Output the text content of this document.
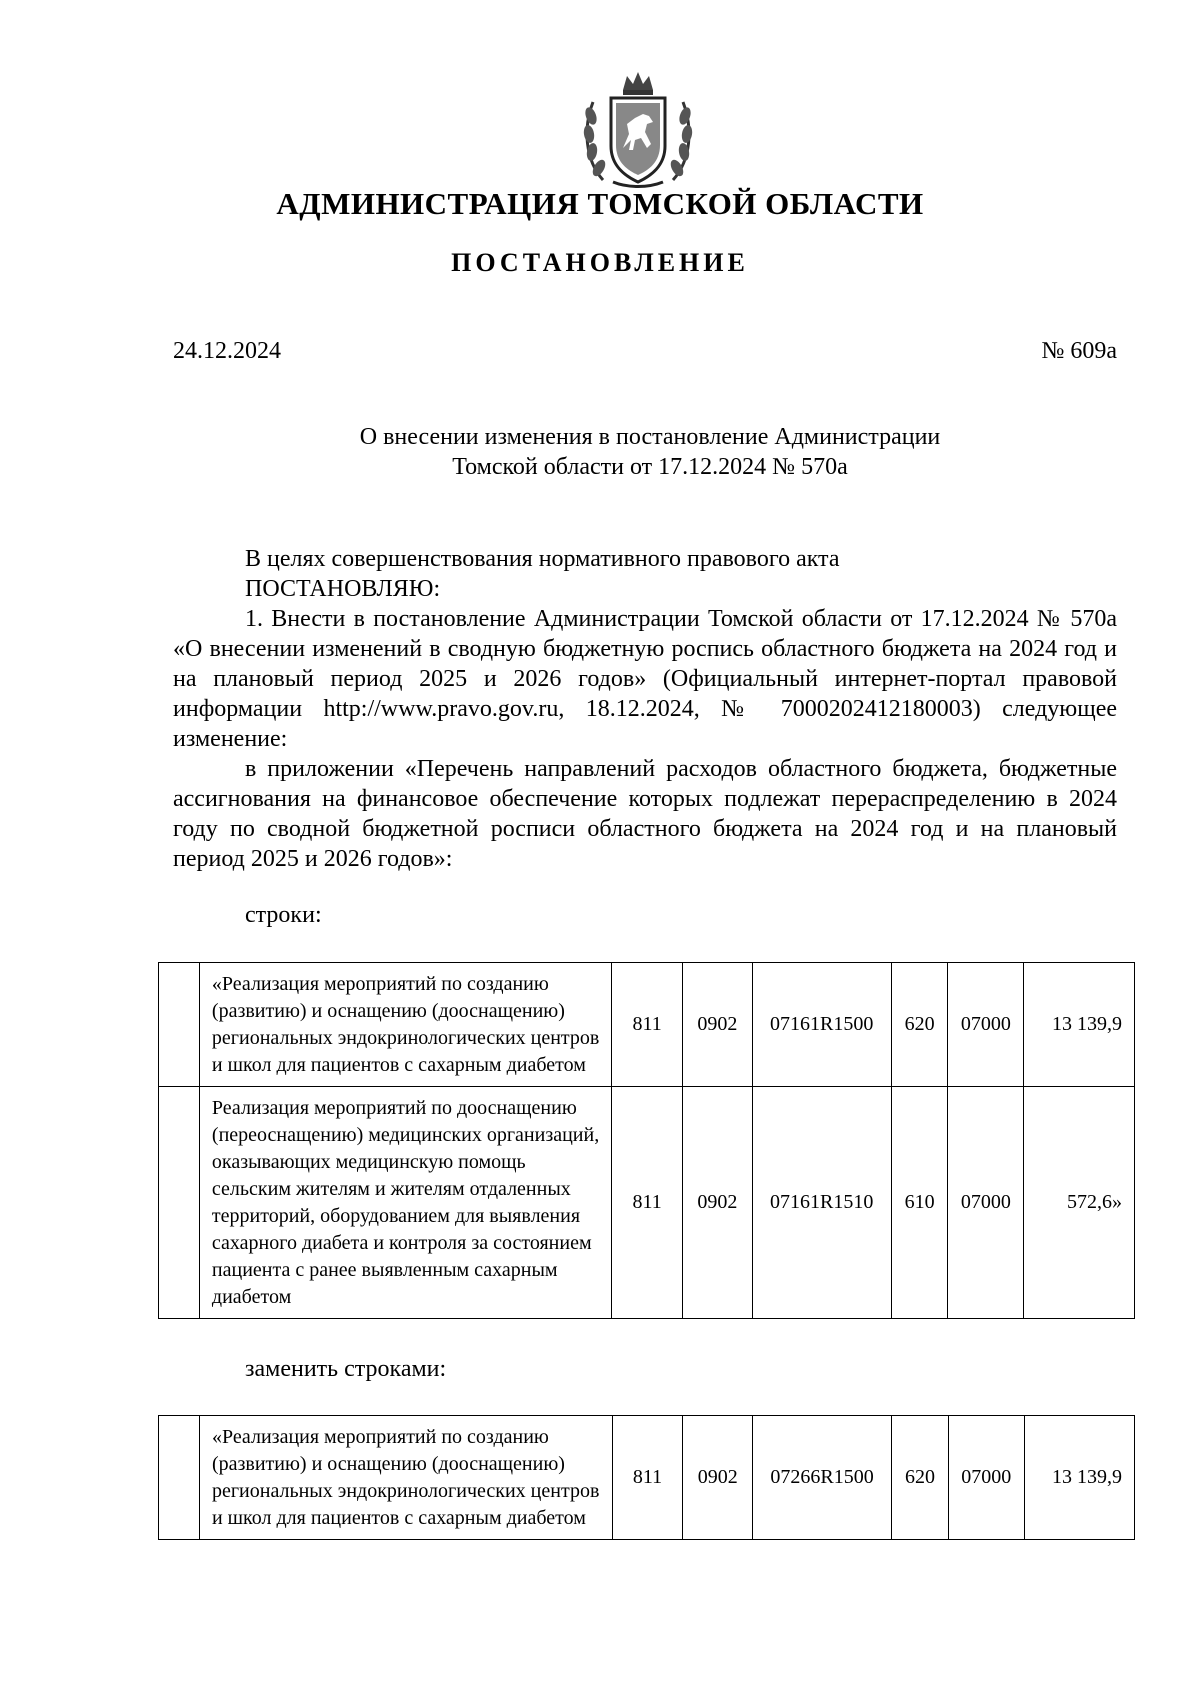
АДМИНИСТРАЦИЯ ТОМСКОЙ ОБЛАСТИ
ПОСТАНОВЛЕНИЕ
24.12.2024	№ 609а
О внесении изменения в постановление Администрации
Томской области от 17.12.2024 № 570а

В целях совершенствования нормативного правового акта

ПОСТАНОВЛЯЮ:

1. Внести в постановление Администрации Томской области от 17.12.2024 № 570а «О внесении изменений в сводную бюджетную роспись областного бюджета на 2024 год и на плановый период 2025 и 2026 годов» (Официальный интернет-портал правовой информации http://www.pravo.gov.ru, 18.12.2024, № 7000202412180003) следующее изменение:

в приложении «Перечень направлений расходов областного бюджета, бюджетные ассигнования на финансовое обеспечение которых подлежат перераспределению в 2024 году по сводной бюджетной росписи областного бюджета на 2024 год и на плановый период 2025 и 2026 годов»:

строки:
	«Реализация мероприятий по созданию (развитию) и оснащению (дооснащению) региональных эндокринологических центров и школ для пациентов с сахарным диабетом	811	0902	07161R1500	620	07000	13 139,9
	Реализация мероприятий по дооснащению (переоснащению) медицинских организаций, оказывающих медицинскую помощь сельским жителям и жителям отдаленных территорий, оборудованием для выявления сахарного диабета и контроля за состоянием пациента с ранее выявленным сахарным диабетом	811	0902	07161R1510	610	07000	572,6»
заменить строками:
	«Реализация мероприятий по созданию (развитию) и оснащению (дооснащению) региональных эндокринологических центров и школ для пациентов с сахарным диабетом	811	0902	07266R1500	620	07000	13 139,9
